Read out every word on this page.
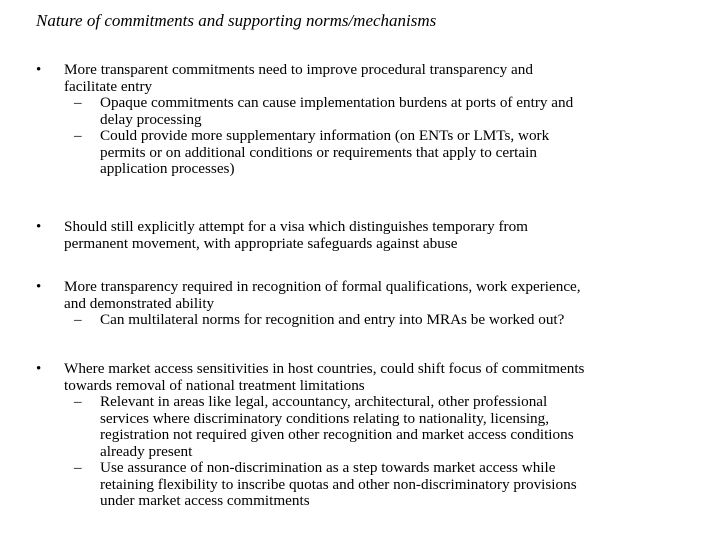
Nature of commitments and supporting norms/mechanisms
•	More transparent commitments need to improve procedural transparency and
facilitate entry
– Opaque commitments can cause implementation burdens at ports of entry and
delay processing
– Could provide more supplementary information (on ENTs or LMTs, work
permits or on additional conditions or requirements that apply to certain
application processes)
•	Should still explicitly attempt for a visa which distinguishes temporary from
permanent movement, with appropriate safeguards against abuse
•	More transparency required in recognition of formal qualifications, work experience,
and demonstrated ability
– Can multilateral norms for recognition and entry into MRAs be worked out?
•	Where market access sensitivities in host countries, could shift focus of commitments
towards removal of national treatment limitations
– Relevant in areas like legal, accountancy, architectural, other professional
services where discriminatory conditions relating to nationality, licensing,
registration not required given other recognition and market access conditions
already present
– Use assurance of non-discrimination as a step towards market access while
retaining flexibility to inscribe quotas and other non-discriminatory provisions
under market access commitments
